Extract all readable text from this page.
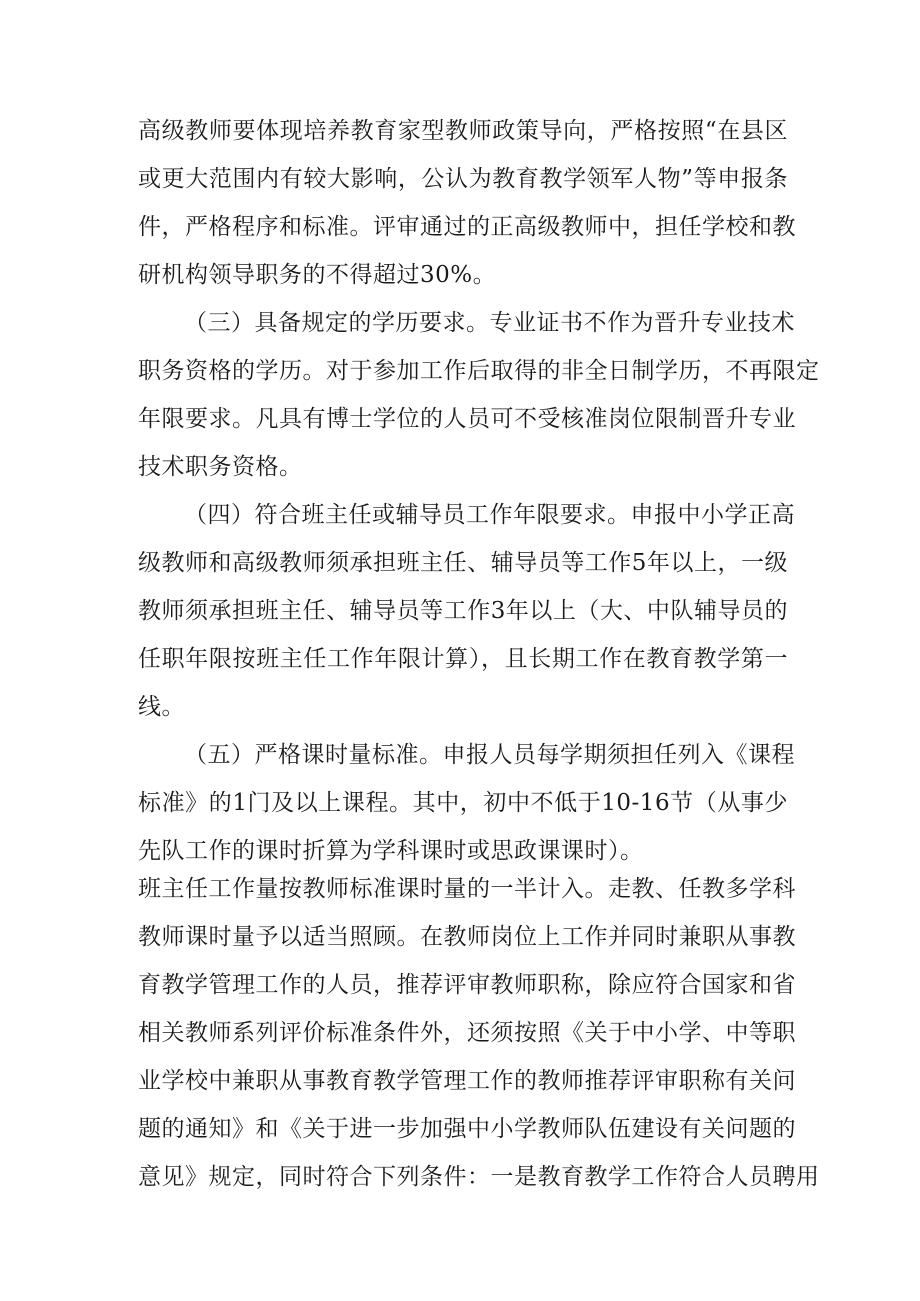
高级教师要体现培养教育家型教师政策导向，严格按照“在县区
或更大范围内有较大影响，公认为教育教学领军人物”等申报条
件，严格程序和标准。评审通过的正高级教师中，担任学校和教
研机构领导职务的不得超过30%。
（三）具备规定的学历要求。专业证书不作为晋升专业技术
职务资格的学历。对于参加工作后取得的非全日制学历，不再限定
年限要求。凡具有博士学位的人员可不受核准岗位限制晋升专业
技术职务资格。
（四）符合班主任或辅导员工作年限要求。申报中小学正高
级教师和高级教师须承担班主任、辅导员等工作5年以上，一级
教师须承担班主任、辅导员等工作3年以上（大、中队辅导员的
任职年限按班主任工作年限计算），且长期工作在教育教学第一
线。
（五）严格课时量标准。申报人员每学期须担任列入《课程
标准》的1门及以上课程。其中，初中不低于10-16节（从事少
先队工作的课时折算为学科课时或思政课课时）。
班主任工作量按教师标准课时量的一半计入。走教、任教多学科
教师课时量予以适当照顾。在教师岗位上工作并同时兼职从事教
育教学管理工作的人员，推荐评审教师职称，除应符合国家和省
相关教师系列评价标准条件外，还须按照《关于中小学、中等职
业学校中兼职从事教育教学管理工作的教师推荐评审职称有关问
题的通知》和《关于进一步加强中小学教师队伍建设有关问题的
意见》规定，同时符合下列条件：一是教育教学工作符合人员聘用
